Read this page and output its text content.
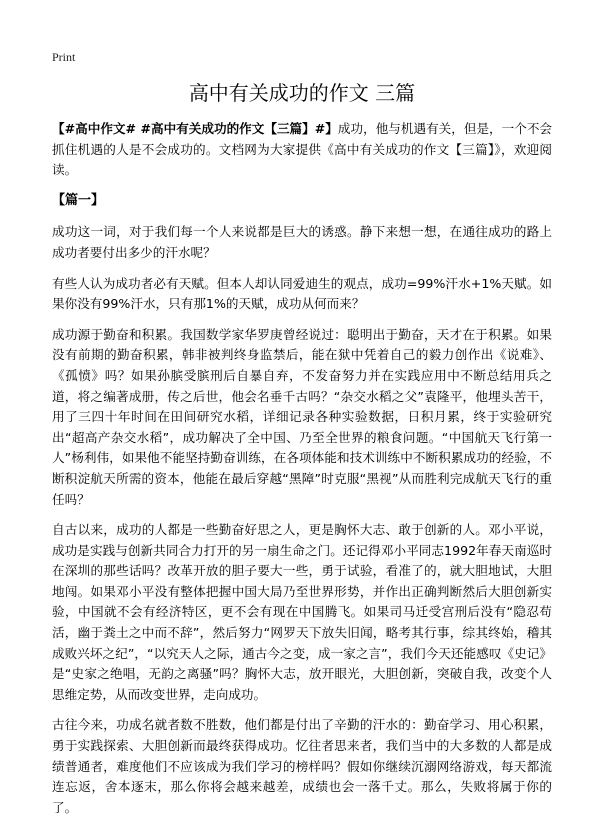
Print
高中有关成功的作文 三篇

【#高中作文# #高中有关成功的作文【三篇】#】成功，他与机遇有关，但是，一个不会抓住机遇的人是不会成功的。文档网为大家提供《高中有关成功的作文【三篇】》，欢迎阅读。

【篇一】

成功这一词，对于我们每一个人来说都是巨大的诱惑。静下来想一想，在通往成功的路上成功者要付出多少的汗水呢？

有些人认为成功者必有天赋。但本人却认同爱迪生的观点，成功=99%汗水+1%天赋。如果你没有99%汗水，只有那1%的天赋，成功从何而来？

成功源于勤奋和积累。我国数学家华罗庚曾经说过：聪明出于勤奋，天才在于积累。如果没有前期的勤奋积累，韩非被判终身监禁后，能在狱中凭着自己的毅力创作出《说难》、《孤愤》吗？如果孙膑受膑刑后自暴自弃，不发奋努力并在实践应用中不断总结用兵之道，将之编著成册，传之后世，他会名垂千古吗？“杂交水稻之父”袁隆平，他埋头苦干，用了三四十年时间在田间研究水稻，详细记录各种实验数据，日积月累，终于实验研究出“超高产杂交水稻”，成功解决了全中国、乃至全世界的粮食问题。“中国航天飞行第一人”杨利伟，如果他不能坚持勤奋训练，在各项体能和技术训练中不断积累成功的经验，不断积淀航天所需的资本，他能在最后穿越“黑障”时克服“黑视”从而胜利完成航天飞行的重任吗？

自古以来，成功的人都是一些勤奋好思之人，更是胸怀大志、敢于创新的人。邓小平说，成功是实践与创新共同合力打开的另一扇生命之门。还记得邓小平同志1992年春天南巡时在深圳的那些话吗？改革开放的胆子要大一些，勇于试验，看准了的，就大胆地试，大胆地闯。如果邓小平没有整体把握中国大局乃至世界形势，并作出正确判断然后大胆创新实验，中国就不会有经济特区，更不会有现在中国腾飞。如果司马迁受宫刑后没有“隐忍苟活，幽于粪土之中而不辞”，然后努力“网罗天下放失旧闻，略考其行事，综其终始，稽其成败兴坏之纪”，“以究天人之际，通古今之变，成一家之言”，我们今天还能感叹《史记》是“史家之绝唱，无韵之离骚”吗？胸怀大志，放开眼光，大胆创新，突破自我，改变个人思维定势，从而改变世界，走向成功。

古往今来，功成名就者数不胜数，他们都是付出了辛勤的汗水的：勤奋学习、用心积累，勇于实践探索、大胆创新而最终获得成功。忆往者思来者，我们当中的大多数的人都是成绩普通者，难度他们不应该成为我们学习的榜样吗？假如你继续沉溺网络游戏，每天都流连忘返，舍本逐末，那么你将会越来越差，成绩也会一落千丈。那么，失败将属于你的了。
